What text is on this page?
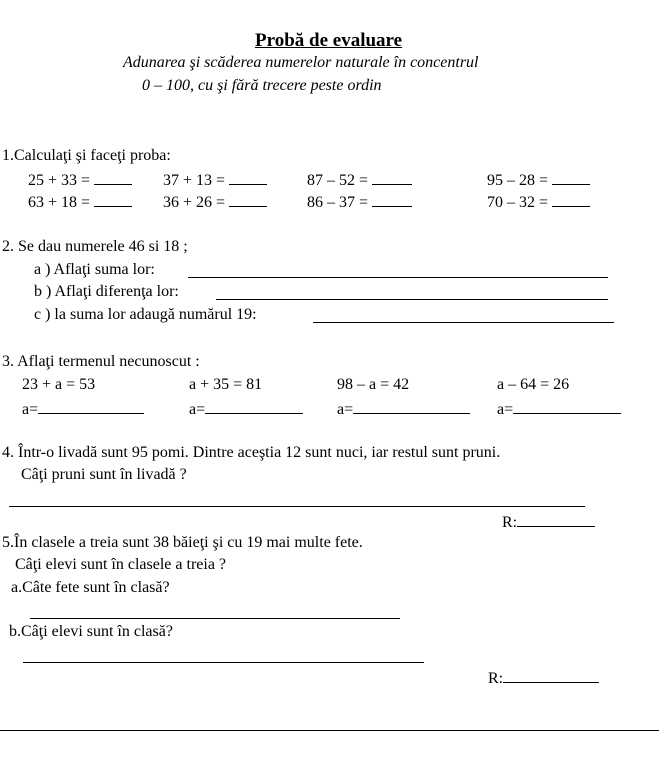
Probă de evaluare
Adunarea şi scăderea numerelor naturale în concentrul
0 – 100, cu şi fără trecere peste ordin
1.Calculaţi şi faceţi proba:
25 + 33 =	37 + 13 =	87 – 52 =	95 – 28 =
63 + 18 =	36 + 26 =	86 – 37 =	70 – 32 =
2. Se dau numerele 46 si 18 ;
a ) Aflaţi suma lor:
b ) Aflaţi diferenţa lor:
c ) la suma lor adaugă numărul 19:
3. Aflaţi termenul necunoscut :
23 + a = 53	a + 35 = 81	98 – a = 42	a – 64 = 26
a=	a=	a=	a=
4. Într-o livadă sunt 95 pomi. Dintre aceştia 12 sunt nuci, iar restul sunt pruni.
Câţi pruni sunt în livadă ?
R:
5.În clasele a treia sunt 38 băieţi şi cu 19 mai multe fete.
Câţi elevi sunt în clasele a treia ?
a.Câte fete sunt în clasă?
b.Câţi elevi sunt în clasă?
R:
